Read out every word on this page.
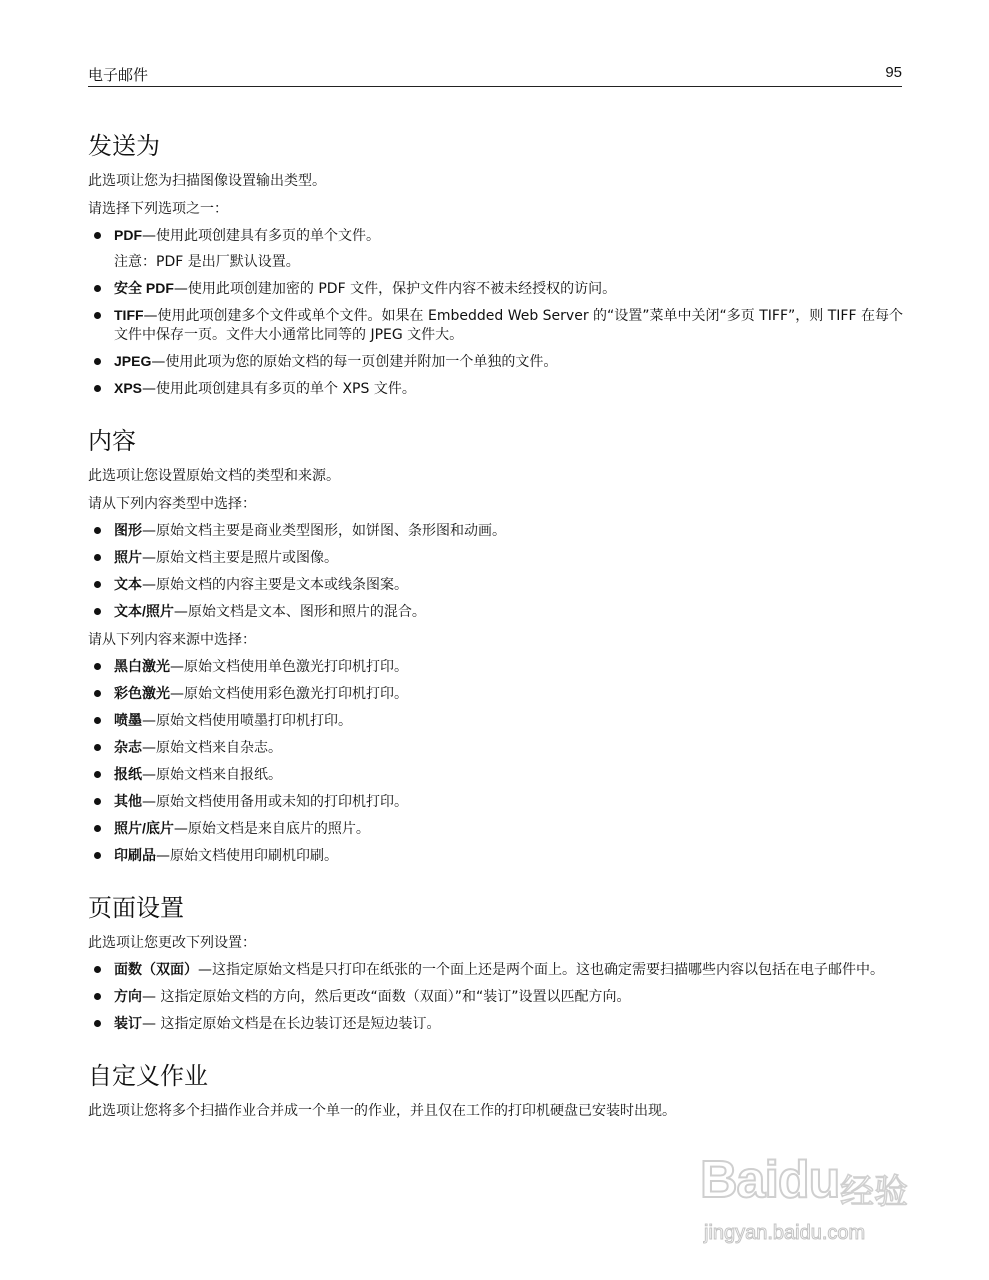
电子邮件	95
发送为

此选项让您为扫描图像设置输出类型。

请选择下列选项之一：

PDF—使用此项创建具有多页的单个文件。

注意：PDF 是出厂默认设置。

安全 PDF—使用此项创建加密的 PDF 文件，保护文件内容不被未经授权的访问。
TIFF—使用此项创建多个文件或单个文件。如果在 Embedded Web Server 的“设置”菜单中关闭“多页 TIFF”，则 TIFF 在每个文件中保存一页。文件大小通常比同等的 JPEG 文件大。
JPEG—使用此项为您的原始文档的每一页创建并附加一个单独的文件。
XPS—使用此项创建具有多页的单个 XPS 文件。
内容

此选项让您设置原始文档的类型和来源。

请从下列内容类型中选择：

图形—原始文档主要是商业类型图形，如饼图、条形图和动画。
照片—原始文档主要是照片或图像。
文本—原始文档的内容主要是文本或线条图案。
文本/照片—原始文档是文本、图形和照片的混合。

请从下列内容来源中选择：

黑白激光—原始文档使用单色激光打印机打印。
彩色激光—原始文档使用彩色激光打印机打印。
喷墨—原始文档使用喷墨打印机打印。
杂志—原始文档来自杂志。
报纸—原始文档来自报纸。
其他—原始文档使用备用或未知的打印机打印。
照片/底片—原始文档是来自底片的照片。
印刷品—原始文档使用印刷机印刷。
页面设置

此选项让您更改下列设置：

面数（双面）—这指定原始文档是只打印在纸张的一个面上还是两个面上。这也确定需要扫描哪些内容以包括在电子邮件中。
方向— 这指定原始文档的方向，然后更改“面数（双面）”和“装订”设置以匹配方向。
装订— 这指定原始文档是在长边装订还是短边装订。
自定义作业

此选项让您将多个扫描作业合并成一个单一的作业，并且仅在工作的打印机硬盘已安装时出现。

Baidu 经验
jingyan.baidu.com
